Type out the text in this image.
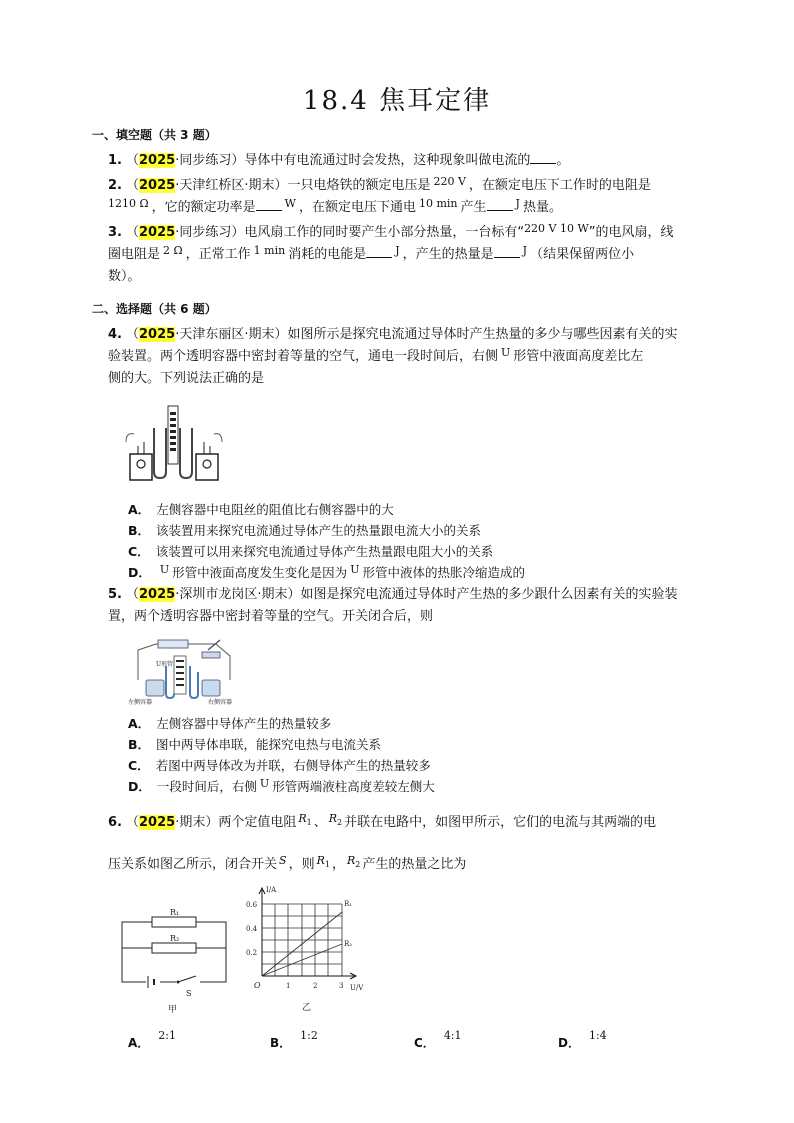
18.4 焦耳定律
一、填空题（共 3 题）
1. （2025·同步练习）导体中有电流通过时会发热，这种现象叫做电流的 。
2. （2025·天津红桥区·期末）一只电烙铁的额定电压是 $^{220 V}$ ，在额定电压下工作时的电阻是
$^{1210 \Omega}$ ，它的额定功率是	$^W$ ，在额定电压下通电 $^{10 min}$ 产生	$^J$ 热量。
3. （2025·同步练习）电风扇工作的同时要产生小部分热量，一台标有“$^{220 V 10 W}$”的电风扇，线
圈电阻是 $^{2 \Omega}$ ，正常工作 $^{1 min}$ 消耗的电能是	$^J$ ，产生的热量是	$^J$ （结果保留两位小
数）。
二、选择题（共 6 题）
4. （2025·天津东丽区·期末）如图所示是探究电流通过导体时产生热量的多少与哪些因素有关的实
验装置。两个透明容器中密封着等量的空气，通电一段时间后，右侧 $^U$ 形管中液面高度差比左
侧的大。下列说法正确的是
A． 左侧容器中电阻丝的阻值比右侧容器中的大
B． 该装置用来探究电流通过导体产生的热量跟电流大小的关系
C． 该装置可以用来探究电流通过导体产生热量跟电阻大小的关系
D． U 形管中液面高度发生变化是因为 U 形管中液体的热胀冷缩造成的
5. （2025·深圳市龙岗区·期末）如图是探究电流通过导体时产生热的多少跟什么因素有关的实验装
置，两个透明容器中密封着等量的空气。开关闭合后，则
U形管
左侧容器	右侧容器
A． 左侧容器中导体产生的热量较多
B． 图中两导体串联，能探究电热与电流关系
C． 若图中两导体改为并联，右侧导体产生的热量较多
D． 一段时间后，右侧 U 形管两端液柱高度差较左侧大
6. （2025·期末）两个定值电阻 $^{R_1}$ 、 $^{R_2}$ 并联在电路中，如图甲所示，它们的电流与其两端的电
压关系如图乙所示，闭合开关 $^S$ ，则 $^{R_1}$ ， $^{R_2}$ 产生的热量之比为
R₁
R₂
S
甲
R₁
R₂
I/A
U/V
O
0.6
0.4
0.2
1	2	3
乙
A．2:1
B．1:2
C．4:1
D．1:4
